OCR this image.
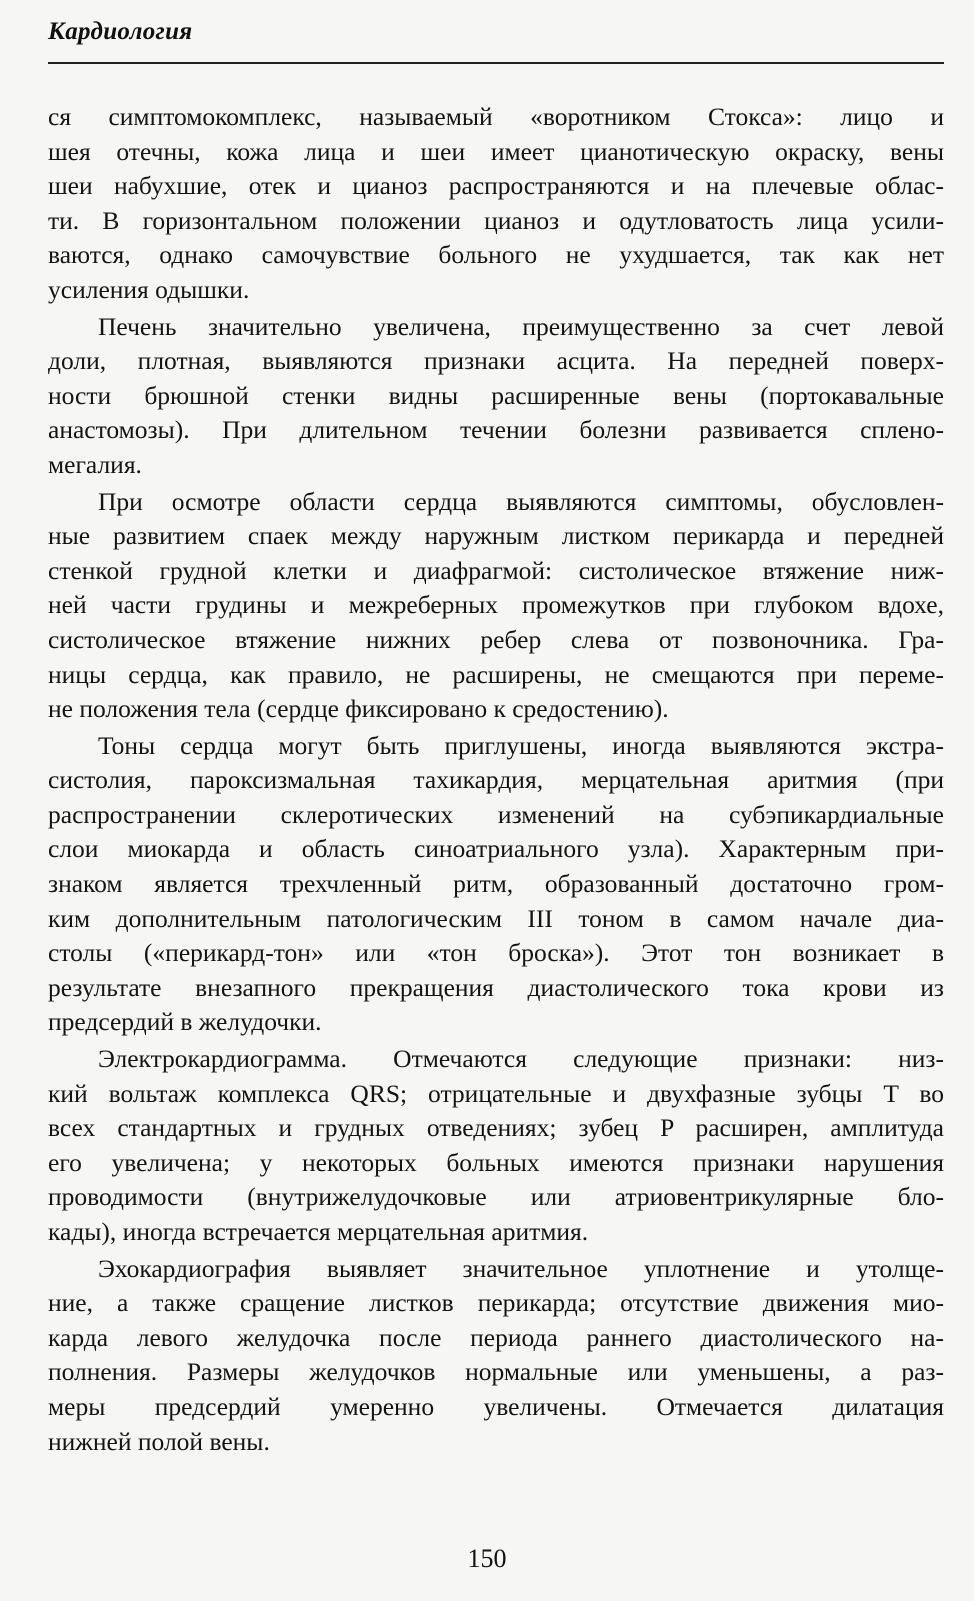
Кардиология

ся симптомокомплекс, называемый «воротником Стокса»: лицо и
шея отечны, кожа лица и шеи имеет цианотическую окраску, вены
шеи набухшие, отек и цианоз распространяются и на плечевые облас-
ти. В горизонтальном положении цианоз и одутловатость лица усили-
ваются, однако самочувствие больного не ухудшается, так как нет
усиления одышки.

Печень значительно увеличена, преимущественно за счет левой
доли, плотная, выявляются признаки асцита. На передней поверх-
ности брюшной стенки видны расширенные вены (портокавальные
анастомозы). При длительном течении болезни развивается сплено-
мегалия.

При осмотре области сердца выявляются симптомы, обусловлен-
ные развитием спаек между наружным листком перикарда и передней
стенкой грудной клетки и диафрагмой: систолическое втяжение ниж-
ней части грудины и межреберных промежутков при глубоком вдохе,
систолическое втяжение нижних ребер слева от позвоночника. Гра-
ницы сердца, как правило, не расширены, не смещаются при переме-
не положения тела (сердце фиксировано к средостению).

Тоны сердца могут быть приглушены, иногда выявляются экстра-
систолия, пароксизмальная тахикардия, мерцательная аритмия (при
распространении склеротических изменений на субэпикардиальные
слои миокарда и область синоатриального узла). Характерным при-
знаком является трехчленный ритм, образованный достаточно гром-
ким дополнительным патологическим III тоном в самом начале диа-
столы («перикард-тон» или «тон броска»). Этот тон возникает в
результате внезапного прекращения диастолического тока крови из
предсердий в желудочки.

Электрокардиограмма. Отмечаются следующие признаки: низ-
кий вольтаж комплекса QRS; отрицательные и двухфазные зубцы T во
всех стандартных и грудных отведениях; зубец P расширен, амплитуда
его увеличена; у некоторых больных имеются признаки нарушения
проводимости (внутрижелудочковые или атриовентрикулярные бло-
кады), иногда встречается мерцательная аритмия.

Эхокардиография выявляет значительное уплотнение и утолще-
ние, а также сращение листков перикарда; отсутствие движения мио-
карда левого желудочка после периода раннего диастолического на-
полнения. Размеры желудочков нормальные или уменьшены, а раз-
меры предсердий умеренно увеличены. Отмечается дилатация
нижней полой вены.

150
